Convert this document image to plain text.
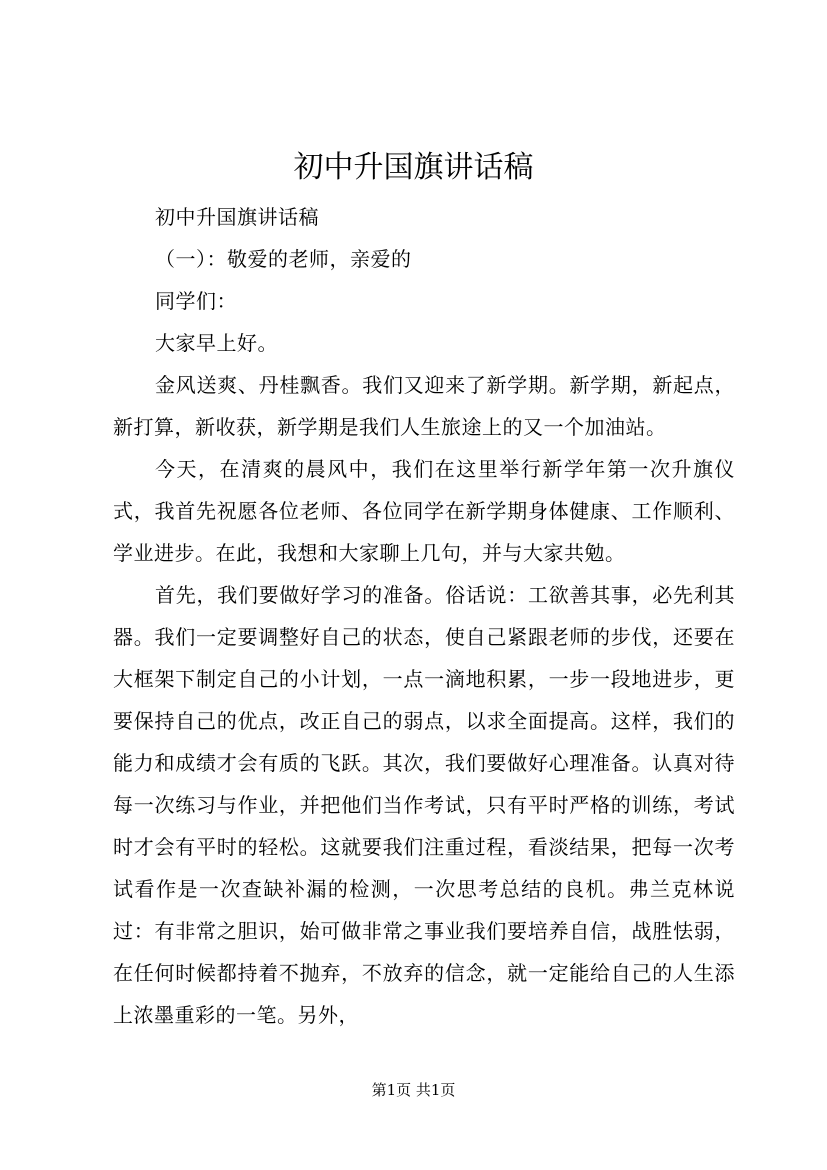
初中升国旗讲话稿

初中升国旗讲话稿

（一）：敬爱的老师，亲爱的

同学们：

大家早上好。

金风送爽、丹桂飘香。我们又迎来了新学期。新学期，新起点，新打算，新收获，新学期是我们人生旅途上的又一个加油站。

今天，在清爽的晨风中，我们在这里举行新学年第一次升旗仪式，我首先祝愿各位老师、各位同学在新学期身体健康、工作顺利、学业进步。在此，我想和大家聊上几句，并与大家共勉。

首先，我们要做好学习的准备。俗话说：工欲善其事，必先利其器。我们一定要调整好自己的状态，使自己紧跟老师的步伐，还要在大框架下制定自己的小计划，一点一滴地积累，一步一段地进步，更要保持自己的优点，改正自己的弱点，以求全面提高。这样，我们的能力和成绩才会有质的飞跃。其次，我们要做好心理准备。认真对待每一次练习与作业，并把他们当作考试，只有平时严格的训练，考试时才会有平时的轻松。这就要我们注重过程，看淡结果，把每一次考试看作是一次查缺补漏的检测，一次思考总结的良机。弗兰克林说过：有非常之胆识，始可做非常之事业我们要培养自信，战胜怯弱，在任何时候都持着不抛弃，不放弃的信念，就一定能给自己的人生添上浓墨重彩的一笔。另外，

第1页 共1页
